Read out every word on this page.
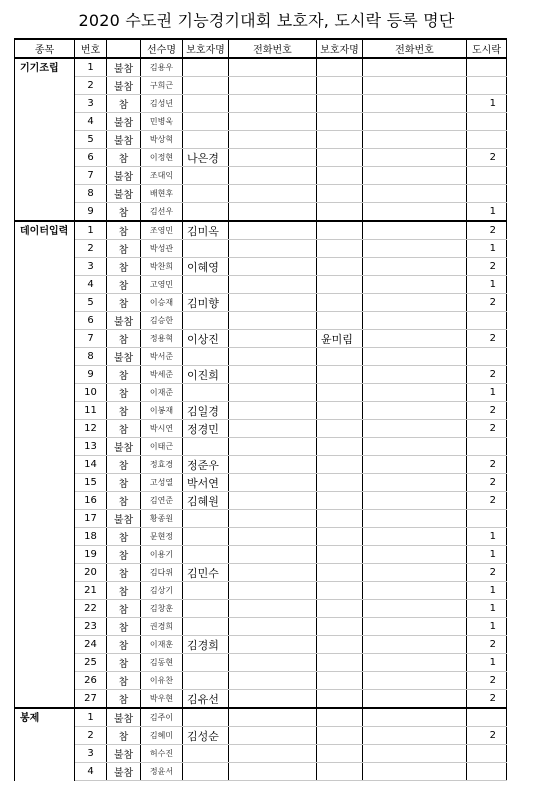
2020 수도권 기능경기대회 보호자, 도시락 등록 명단
종목	번호		선수명	보호자명	전화번호	보호자명	전화번호	도시락
기기조립	1	불참	김용우					
	2	불참	구희근					
	3	참	김성년					1
	4	불참	민병욱					
	5	불참	박상혁					
	6	참	이정현	나은경				2
	7	불참	조대익					
	8	불참	배현후					
	9	참	김선우					1
데이터입력	1	참	조영민	김미옥				2
	2	참	박성관					1
	3	참	박찬희	이혜영				2
	4	참	고영민					1
	5	참	이승재	김미향				2
	6	불참	김승한					
	7	참	정용혁	이상진		윤미림		2
	8	불참	박서준					
	9	참	박세준	이진희				2
	10	참	이재준					1
	11	참	이봉재	김일경				2
	12	참	박시연	정경민				2
	13	불참	이태근					
	14	참	정효경	정준우				2
	15	참	고성열	박서연				2
	16	참	김연준	김혜원				2
	17	불참	황종원					
	18	참	문현정					1
	19	참	이용기					1
	20	참	김다위	김민수				2
	21	참	김상기					1
	22	참	김창훈					1
	23	참	권경희					1
	24	참	이재훈	김경희				2
	25	참	김동현					1
	26	참	이유찬					2
	27	참	박우현	김유선				2
봉제	1	불참	김주이					
	2	참	김혜미	김성순				2
	3	불참	허수진					
	4	불참	정윤서					
